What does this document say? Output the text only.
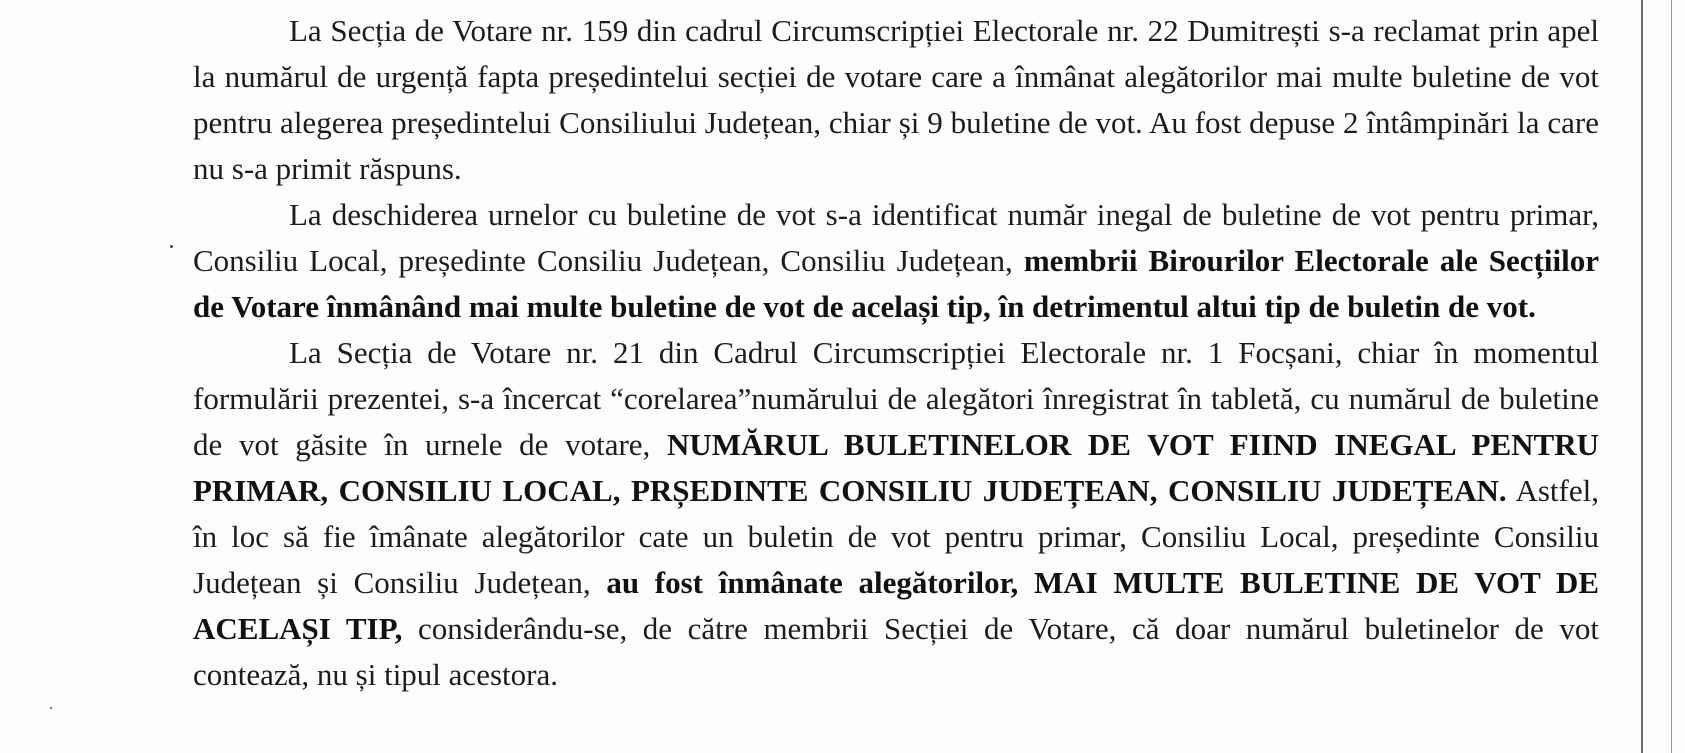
La Secția de Votare nr. 159 din cadrul Circumscripției Electorale nr. 22 Dumitrești s-a reclamat prin apel la numărul de urgență fapta președintelui secției de votare care a înmânat alegătorilor mai multe buletine de vot pentru alegerea președintelui Consiliului Județean, chiar și 9 buletine de vot. Au fost depuse 2 întâmpinări la care nu s-a primit răspuns.

La deschiderea urnelor cu buletine de vot s-a identificat număr inegal de buletine de vot pentru primar, Consiliu Local, președinte Consiliu Județean, Consiliu Județean, membrii Birourilor Electorale ale Secțiilor de Votare înmânând mai multe buletine de vot de același tip, în detrimentul altui tip de buletin de vot.

La Secția de Votare nr. 21 din Cadrul Circumscripției Electorale nr. 1 Focșani, chiar în momentul formulării prezentei, s-a încercat “corelarea”numărului de alegători înregistrat în tabletă, cu numărul de buletine de vot găsite în urnele de votare, NUMĂRUL BULETINELOR DE VOT FIIND INEGAL PENTRU PRIMAR, CONSILIU LOCAL, PRȘEDINTE CONSILIU JUDEȚEAN, CONSILIU JUDEȚEAN. Astfel, în loc să fie îmânate alegătorilor cate un buletin de vot pentru primar, Consiliu Local, președinte Consiliu Județean și Consiliu Județean, au fost înmânate alegătorilor, MAI MULTE BULETINE DE VOT DE ACELAȘI TIP, considerându-se, de către membrii Secției de Votare, că doar numărul buletinelor de vot contează, nu și tipul acestora.
